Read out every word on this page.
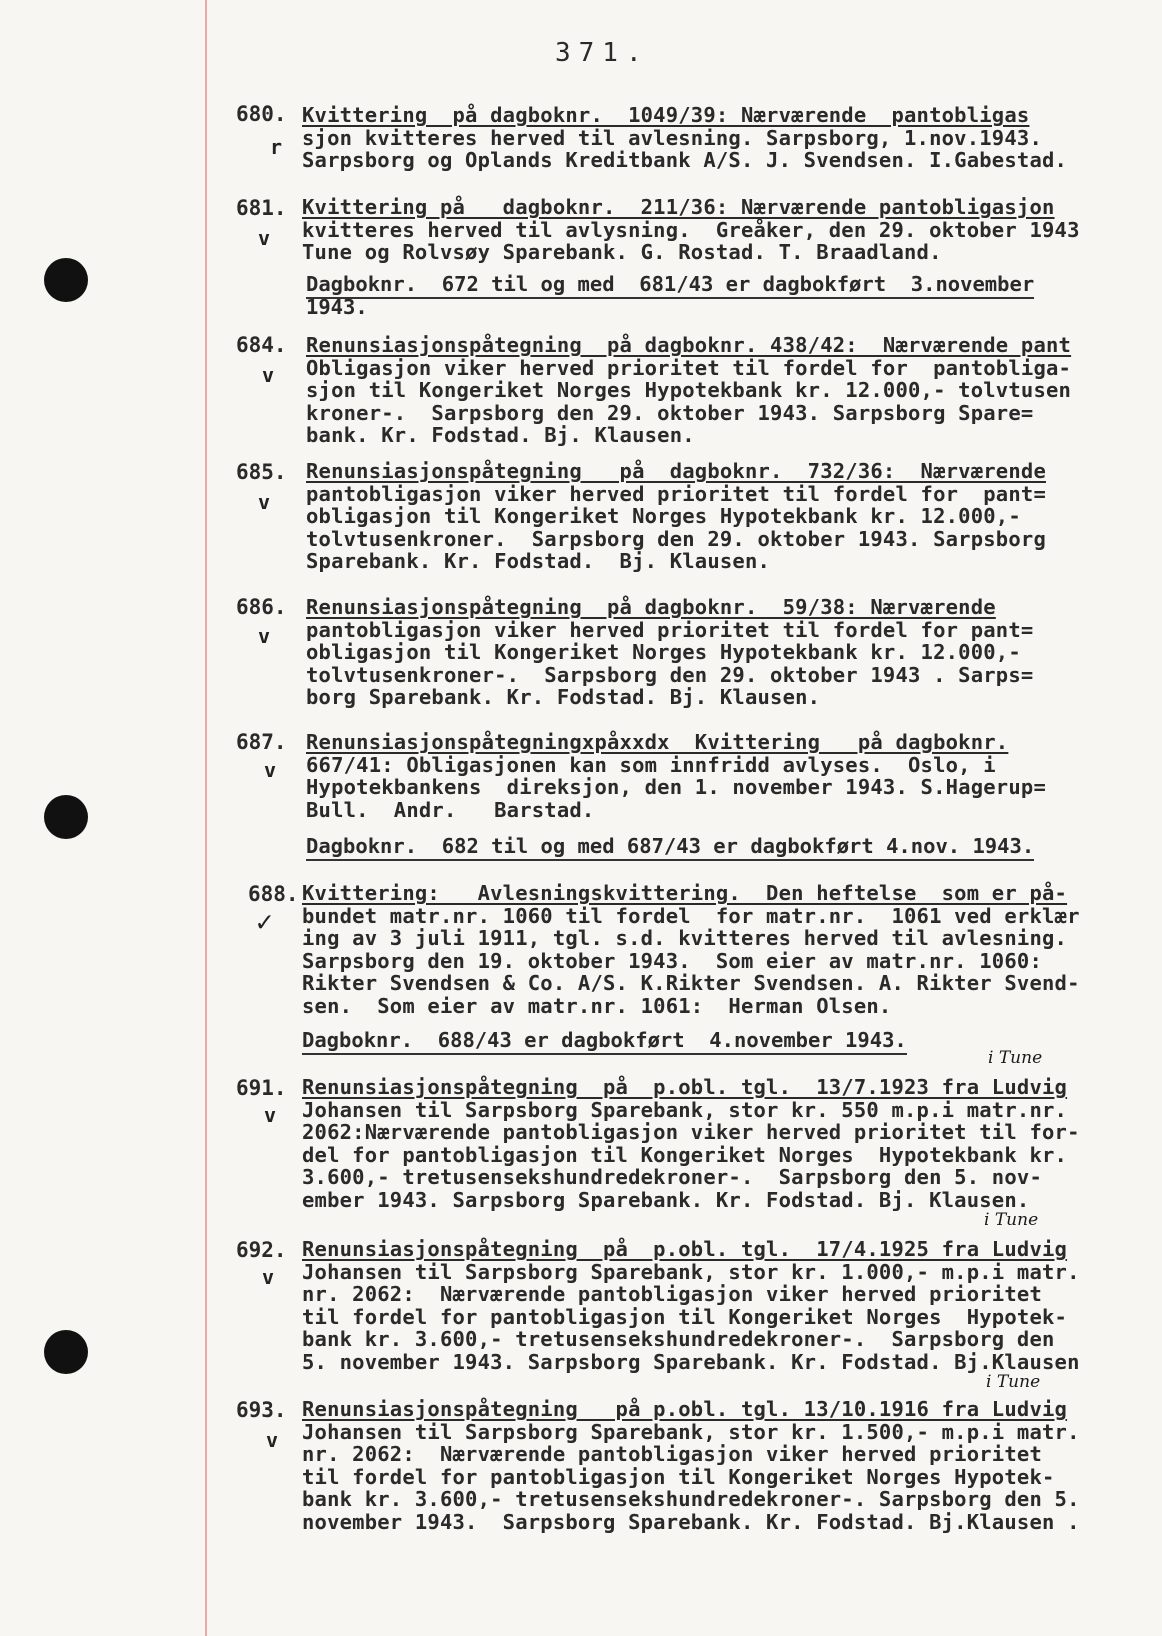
371.
680.
r
Kvittering  på dagboknr.  1049/39: Nærværende  pantobligas
sjon kvitteres herved til avlesning. Sarpsborg, 1.nov.1943.
Sarpsborg og Oplands Kreditbank A/S. J. Svendsen. I.Gabestad.
681.
v
Kvittering på   dagboknr.  211/36: Nærværende pantobligasjon
kvitteres herved til avlysning.  Greåker, den 29. oktober 1943
Tune og Rolvsøy Sparebank. G. Rostad. T. Braadland.
Dagboknr.  672 til og med  681/43 er dagbokført  3.november
1943.
684.
v
Renunsiasjonspåtegning  på dagboknr. 438/42:  Nærværende pant
Obligasjon viker herved prioritet til fordel for  pantobliga-
sjon til Kongeriket Norges Hypotekbank kr. 12.000,- tolvtusen
kroner-.  Sarpsborg den 29. oktober 1943. Sarpsborg Spare=
bank. Kr. Fodstad. Bj. Klausen.
685.
v
Renunsiasjonspåtegning   på  dagboknr.  732/36:  Nærværende
pantobligasjon viker herved prioritet til fordel for  pant=
obligasjon til Kongeriket Norges Hypotekbank kr. 12.000,-
tolvtusenkroner.  Sarpsborg den 29. oktober 1943. Sarpsborg
Sparebank. Kr. Fodstad.  Bj. Klausen.
686.
v
Renunsiasjonspåtegning  på dagboknr.  59/38: Nærværende
pantobligasjon viker herved prioritet til fordel for pant=
obligasjon til Kongeriket Norges Hypotekbank kr. 12.000,-
tolvtusenkroner-.  Sarpsborg den 29. oktober 1943 . Sarps=
borg Sparebank. Kr. Fodstad. Bj. Klausen.
687.
v
Renunsiasjonspåtegningxpåxxdx  Kvittering   på dagboknr.
667/41: Obligasjonen kan som innfridd avlyses.  Oslo, i
Hypotekbankens  direksjon, den 1. november 1943. S.Hagerup=
Bull.  Andr.   Barstad.
Dagboknr.  682 til og med 687/43 er dagbokført 4.nov. 1943.
688.
✓
Kvittering:   Avlesningskvittering.  Den heftelse  som er på-
bundet matr.nr. 1060 til fordel  for matr.nr.  1061 ved erklær
ing av 3 juli 1911, tgl. s.d. kvitteres herved til avlesning.
Sarpsborg den 19. oktober 1943.  Som eier av matr.nr. 1060:
Rikter Svendsen & Co. A/S. K.Rikter Svendsen. A. Rikter Svend-
sen.  Som eier av matr.nr. 1061:  Herman Olsen.
Dagboknr.  688/43 er dagbokført  4.november 1943.
i Tune
691.
v
Renunsiasjonspåtegning  på  p.obl. tgl.  13/7.1923 fra Ludvig
Johansen til Sarpsborg Sparebank, stor kr. 550 m.p.i matr.nr.
2062:Nærværende pantobligasjon viker herved prioritet til for-
del for pantobligasjon til Kongeriket Norges  Hypotekbank kr.
3.600,- tretusensekshundredekroner-.  Sarpsborg den 5. nov-
ember 1943. Sarpsborg Sparebank. Kr. Fodstad. Bj. Klausen.
i Tune
692.
v
Renunsiasjonspåtegning  på  p.obl. tgl.  17/4.1925 fra Ludvig
Johansen til Sarpsborg Sparebank, stor kr. 1.000,- m.p.i matr.
nr. 2062:  Nærværende pantobligasjon viker herved prioritet
til fordel for pantobligasjon til Kongeriket Norges  Hypotek-
bank kr. 3.600,- tretusensekshundredekroner-.  Sarpsborg den
5. november 1943. Sarpsborg Sparebank. Kr. Fodstad. Bj.Klausen
i Tune
693.
v
Renunsiasjonspåtegning   på p.obl. tgl. 13/10.1916 fra Ludvig
Johansen til Sarpsborg Sparebank, stor kr. 1.500,- m.p.i matr.
nr. 2062:  Nærværende pantobligasjon viker herved prioritet
til fordel for pantobligasjon til Kongeriket Norges Hypotek-
bank kr. 3.600,- tretusensekshundredekroner-. Sarpsborg den 5.
november 1943.  Sarpsborg Sparebank. Kr. Fodstad. Bj.Klausen .
